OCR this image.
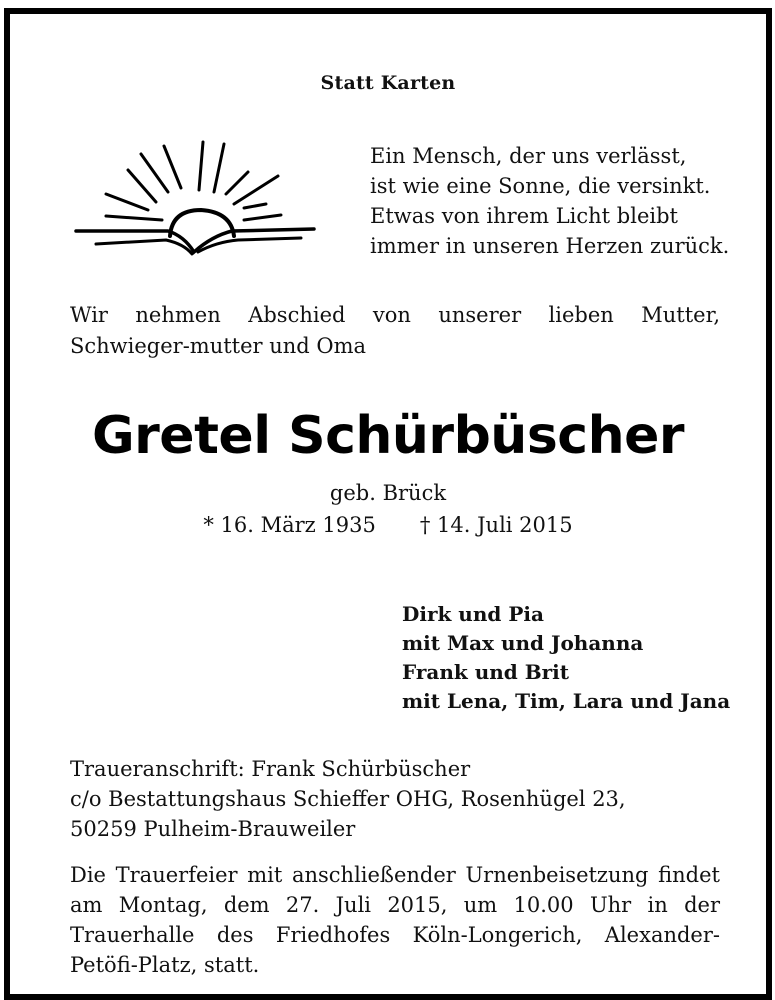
Statt Karten
Ein Mensch, der uns verlässt,
ist wie eine Sonne, die versinkt.
Etwas von ihrem Licht bleibt
immer in unseren Herzen zurück.
Wir nehmen Abschied von unserer lieben Mutter, Schwieger-mutter und Oma
Gretel Schürbüscher
geb. Brück
* 16. März 1935 † 14. Juli 2015
Dirk und Pia
mit Max und Johanna
Frank und Brit
mit Lena, Tim, Lara und Jana
Traueranschrift: Frank Schürbüscher
c/o Bestattungshaus Schieffer OHG, Rosenhügel 23,
50259 Pulheim-Brauweiler
Die Trauerfeier mit anschließender Urnenbeisetzung findet am Montag, dem 27. Juli 2015, um 10.00 Uhr in der Trauerhalle des Friedhofes Köln-Longerich, Alexander-Petöfi-Platz, statt.
